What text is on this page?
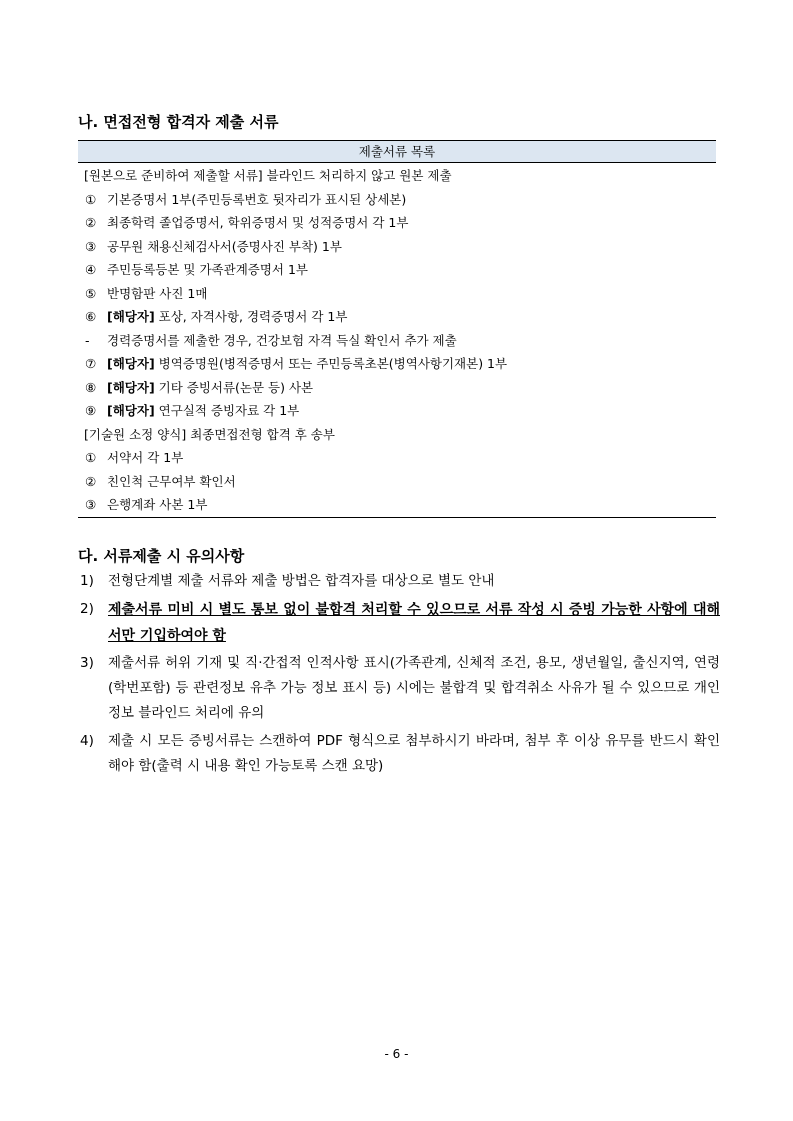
나. 면접전형 합격자 제출 서류
제출서류 목록
[원본으로 준비하여 제출할 서류] 블라인드 처리하지 않고 원본 제출
① 기본증명서 1부(주민등록번호 뒷자리가 표시된 상세본)
② 최종학력 졸업증명서, 학위증명서 및 성적증명서 각 1부
③ 공무원 채용신체검사서(증명사진 부착) 1부
④ 주민등록등본 및 가족관계증명서 1부
⑤ 반명함판 사진 1매
⑥ [해당자] 포상, 자격사항, 경력증명서 각 1부
- 경력증명서를 제출한 경우, 건강보험 자격 득실 확인서 추가 제출
⑦ [해당자] 병역증명원(병적증명서 또는 주민등록초본(병역사항기재본) 1부
⑧ [해당자] 기타 증빙서류(논문 등) 사본
⑨ [해당자] 연구실적 증빙자료 각 1부
[기술원 소정 양식] 최종면접전형 합격 후 송부
① 서약서 각 1부
② 친인척 근무여부 확인서
③ 은행계좌 사본 1부
다. 서류제출 시 유의사항
1)	전형단계별 제출 서류와 제출 방법은 합격자를 대상으로 별도 안내
2)	제출서류 미비 시 별도 통보 없이 불합격 처리할 수 있으므로 서류 작성 시 증빙 가능한 사항에 대해서만 기입하여야 함
3)	제출서류 허위 기재 및 직·간접적 인적사항 표시(가족관계, 신체적 조건, 용모, 생년월일, 출신지역, 연령(학번포함) 등 관련정보 유추 가능 정보 표시 등) 시에는 불합격 및 합격취소 사유가 될 수 있으므로 개인정보 블라인드 처리에 유의
4)	제출 시 모든 증빙서류는 스캔하여 PDF 형식으로 첨부하시기 바라며, 첨부 후 이상 유무를 반드시 확인해야 함(출력 시 내용 확인 가능토록 스캔 요망)
- 6 -
